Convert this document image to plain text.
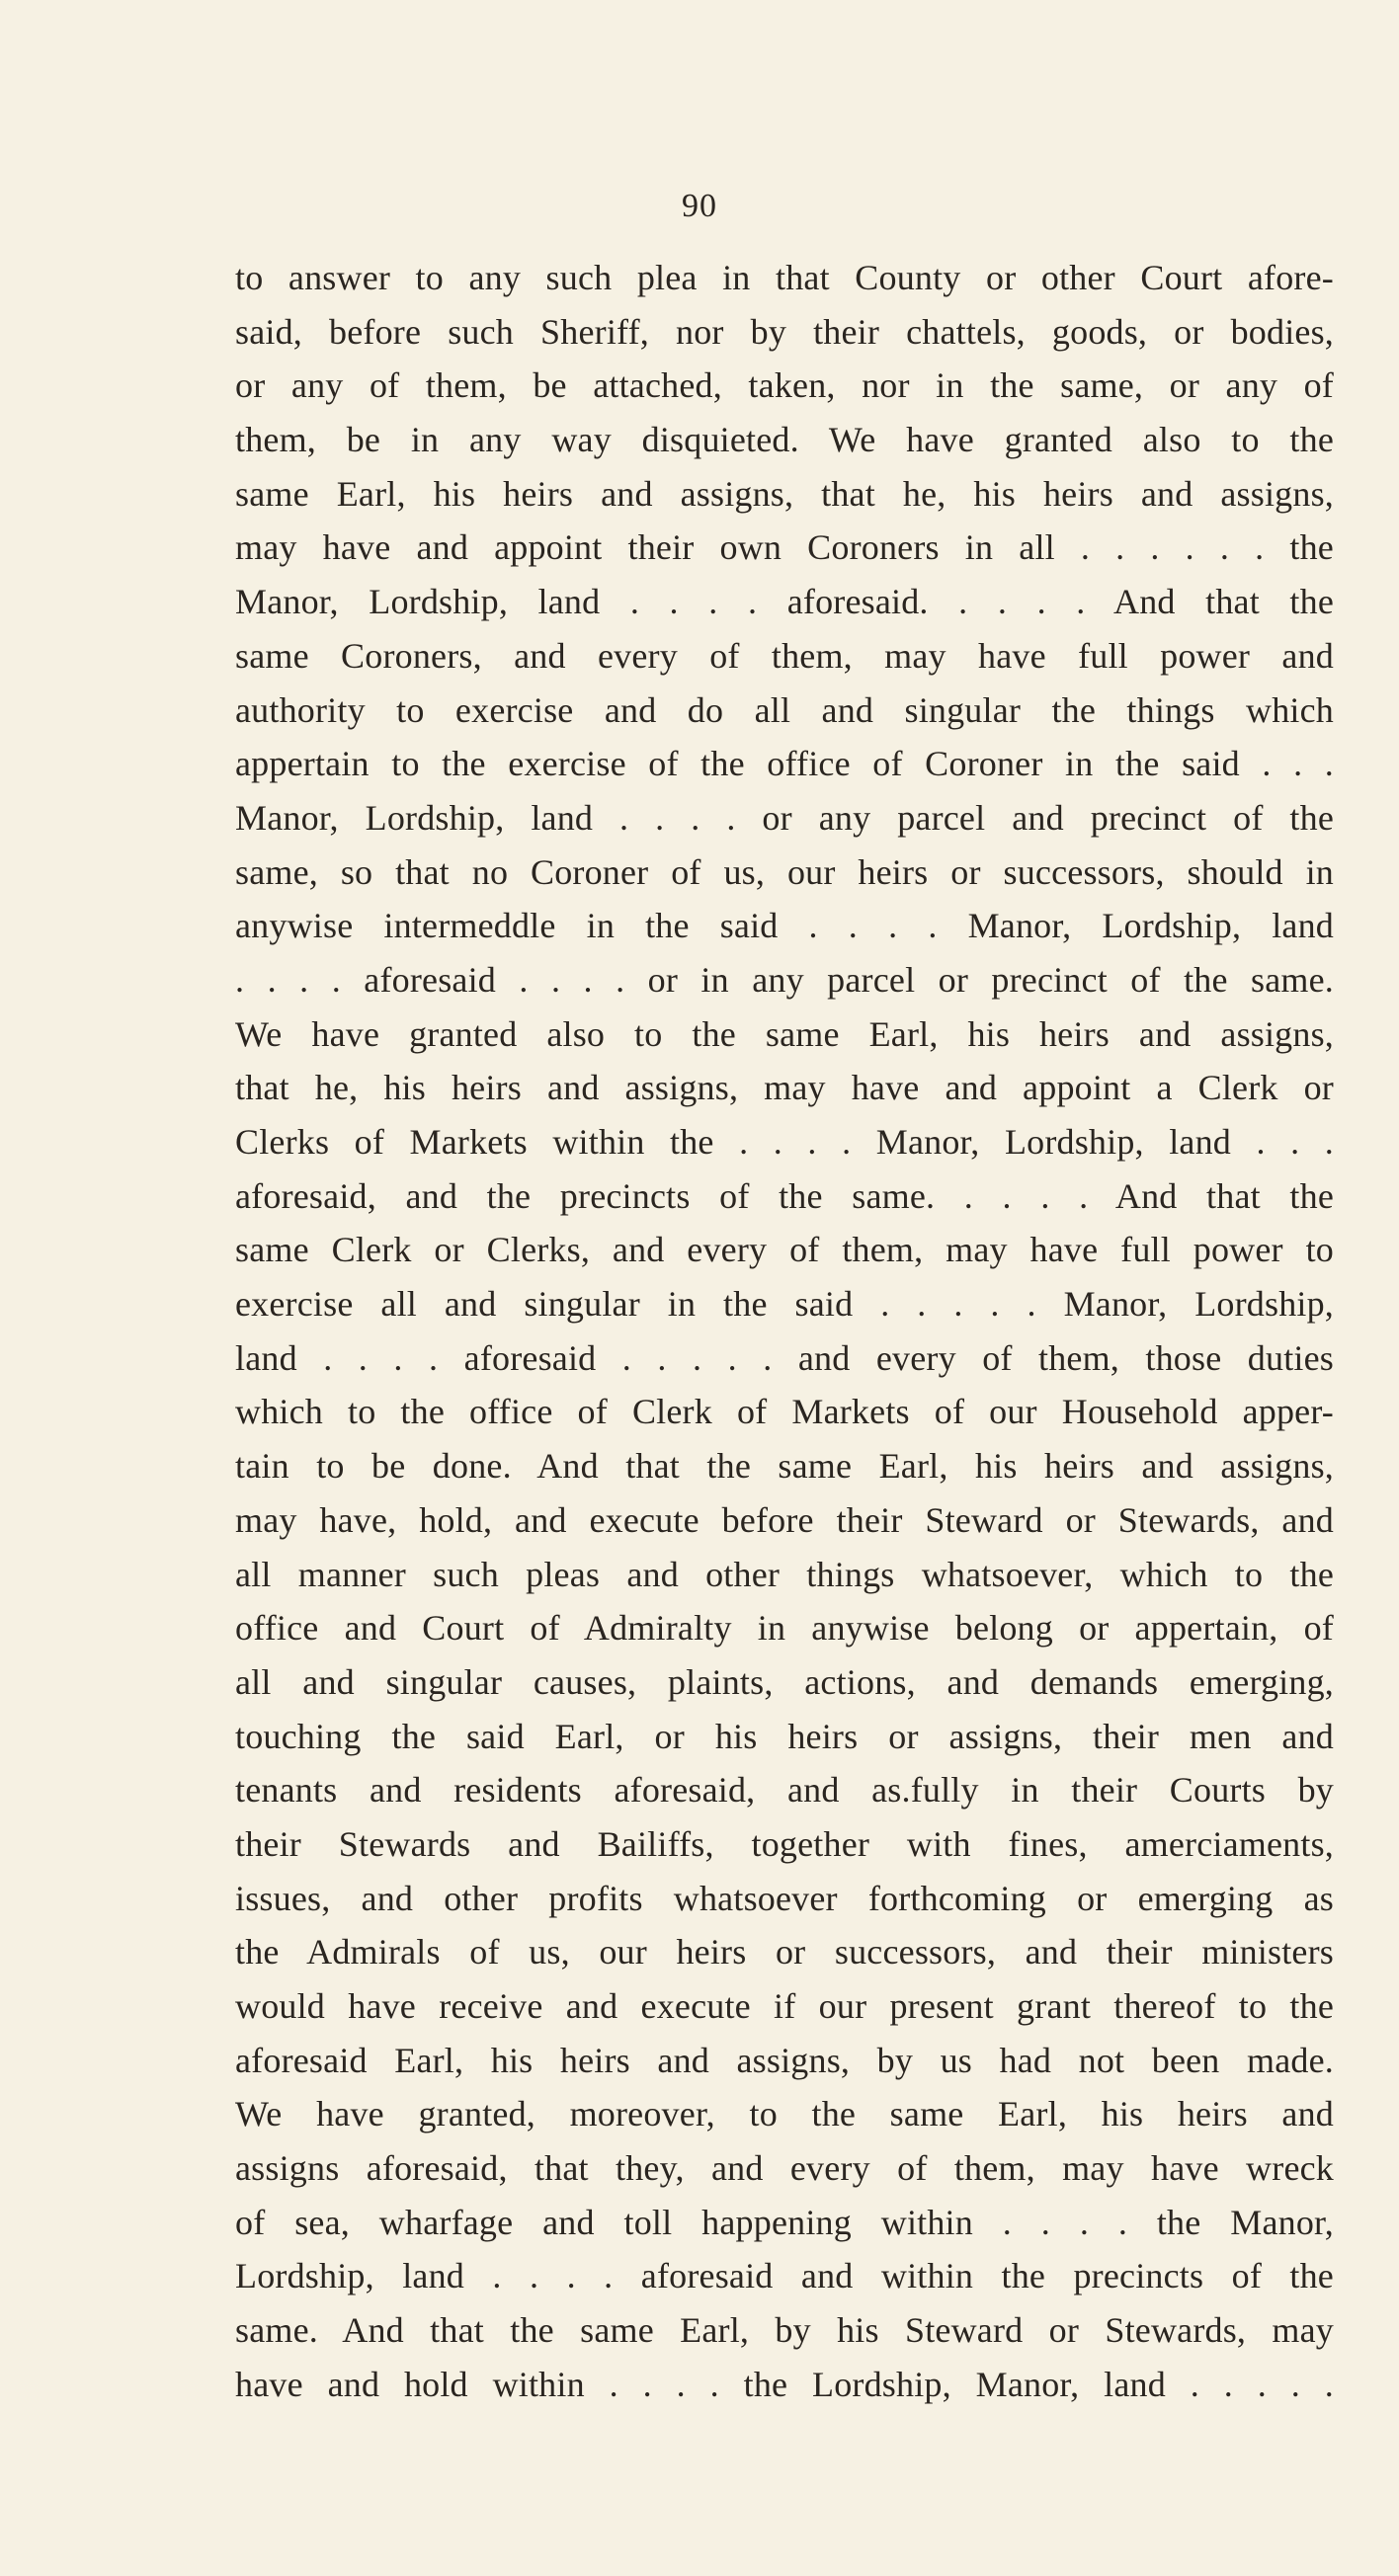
90
to answer to any such plea in that County or other Court afore-
said, before such Sheriff, nor by their chattels, goods, or bodies,
or any of them, be attached, taken, nor in the same, or any of
them, be in any way disquieted. We have granted also to the
same Earl, his heirs and assigns, that he, his heirs and assigns,
may have and appoint their own Coroners in all . . . . . . the
Manor, Lordship, land . . . . aforesaid. . . . . And that the
same Coroners, and every of them, may have full power and
authority to exercise and do all and singular the things which
appertain to the exercise of the office of Coroner in the said . . .
Manor, Lordship, land . . . . or any parcel and precinct of the
same, so that no Coroner of us, our heirs or successors, should in
anywise intermeddle in the said . . . . Manor, Lordship, land
. . . . aforesaid . . . . or in any parcel or precinct of the same.
We have granted also to the same Earl, his heirs and assigns,
that he, his heirs and assigns, may have and appoint a Clerk or
Clerks of Markets within the . . . . Manor, Lordship, land . . .
aforesaid, and the precincts of the same. . . . . And that the
same Clerk or Clerks, and every of them, may have full power to
exercise all and singular in the said . . . . . Manor, Lordship,
land . . . . aforesaid . . . . . and every of them, those duties
which to the office of Clerk of Markets of our Household apper-
tain to be done. And that the same Earl, his heirs and assigns,
may have, hold, and execute before their Steward or Stewards, and
all manner such pleas and other things whatsoever, which to the
office and Court of Admiralty in anywise belong or appertain, of
all and singular causes, plaints, actions, and demands emerging,
touching the said Earl, or his heirs or assigns, their men and
tenants and residents aforesaid, and as.fully in their Courts by
their Stewards and Bailiffs, together with fines, amerciaments,
issues, and other profits whatsoever forthcoming or emerging as
the Admirals of us, our heirs or successors, and their ministers
would have receive and execute if our present grant thereof to the
aforesaid Earl, his heirs and assigns, by us had not been made.
We have granted, moreover, to the same Earl, his heirs and
assigns aforesaid, that they, and every of them, may have wreck
of sea, wharfage and toll happening within . . . . the Manor,
Lordship, land . . . . aforesaid and within the precincts of the
same. And that the same Earl, by his Steward or Stewards, may
have and hold within . . . . the Lordship, Manor, land . . . . .
